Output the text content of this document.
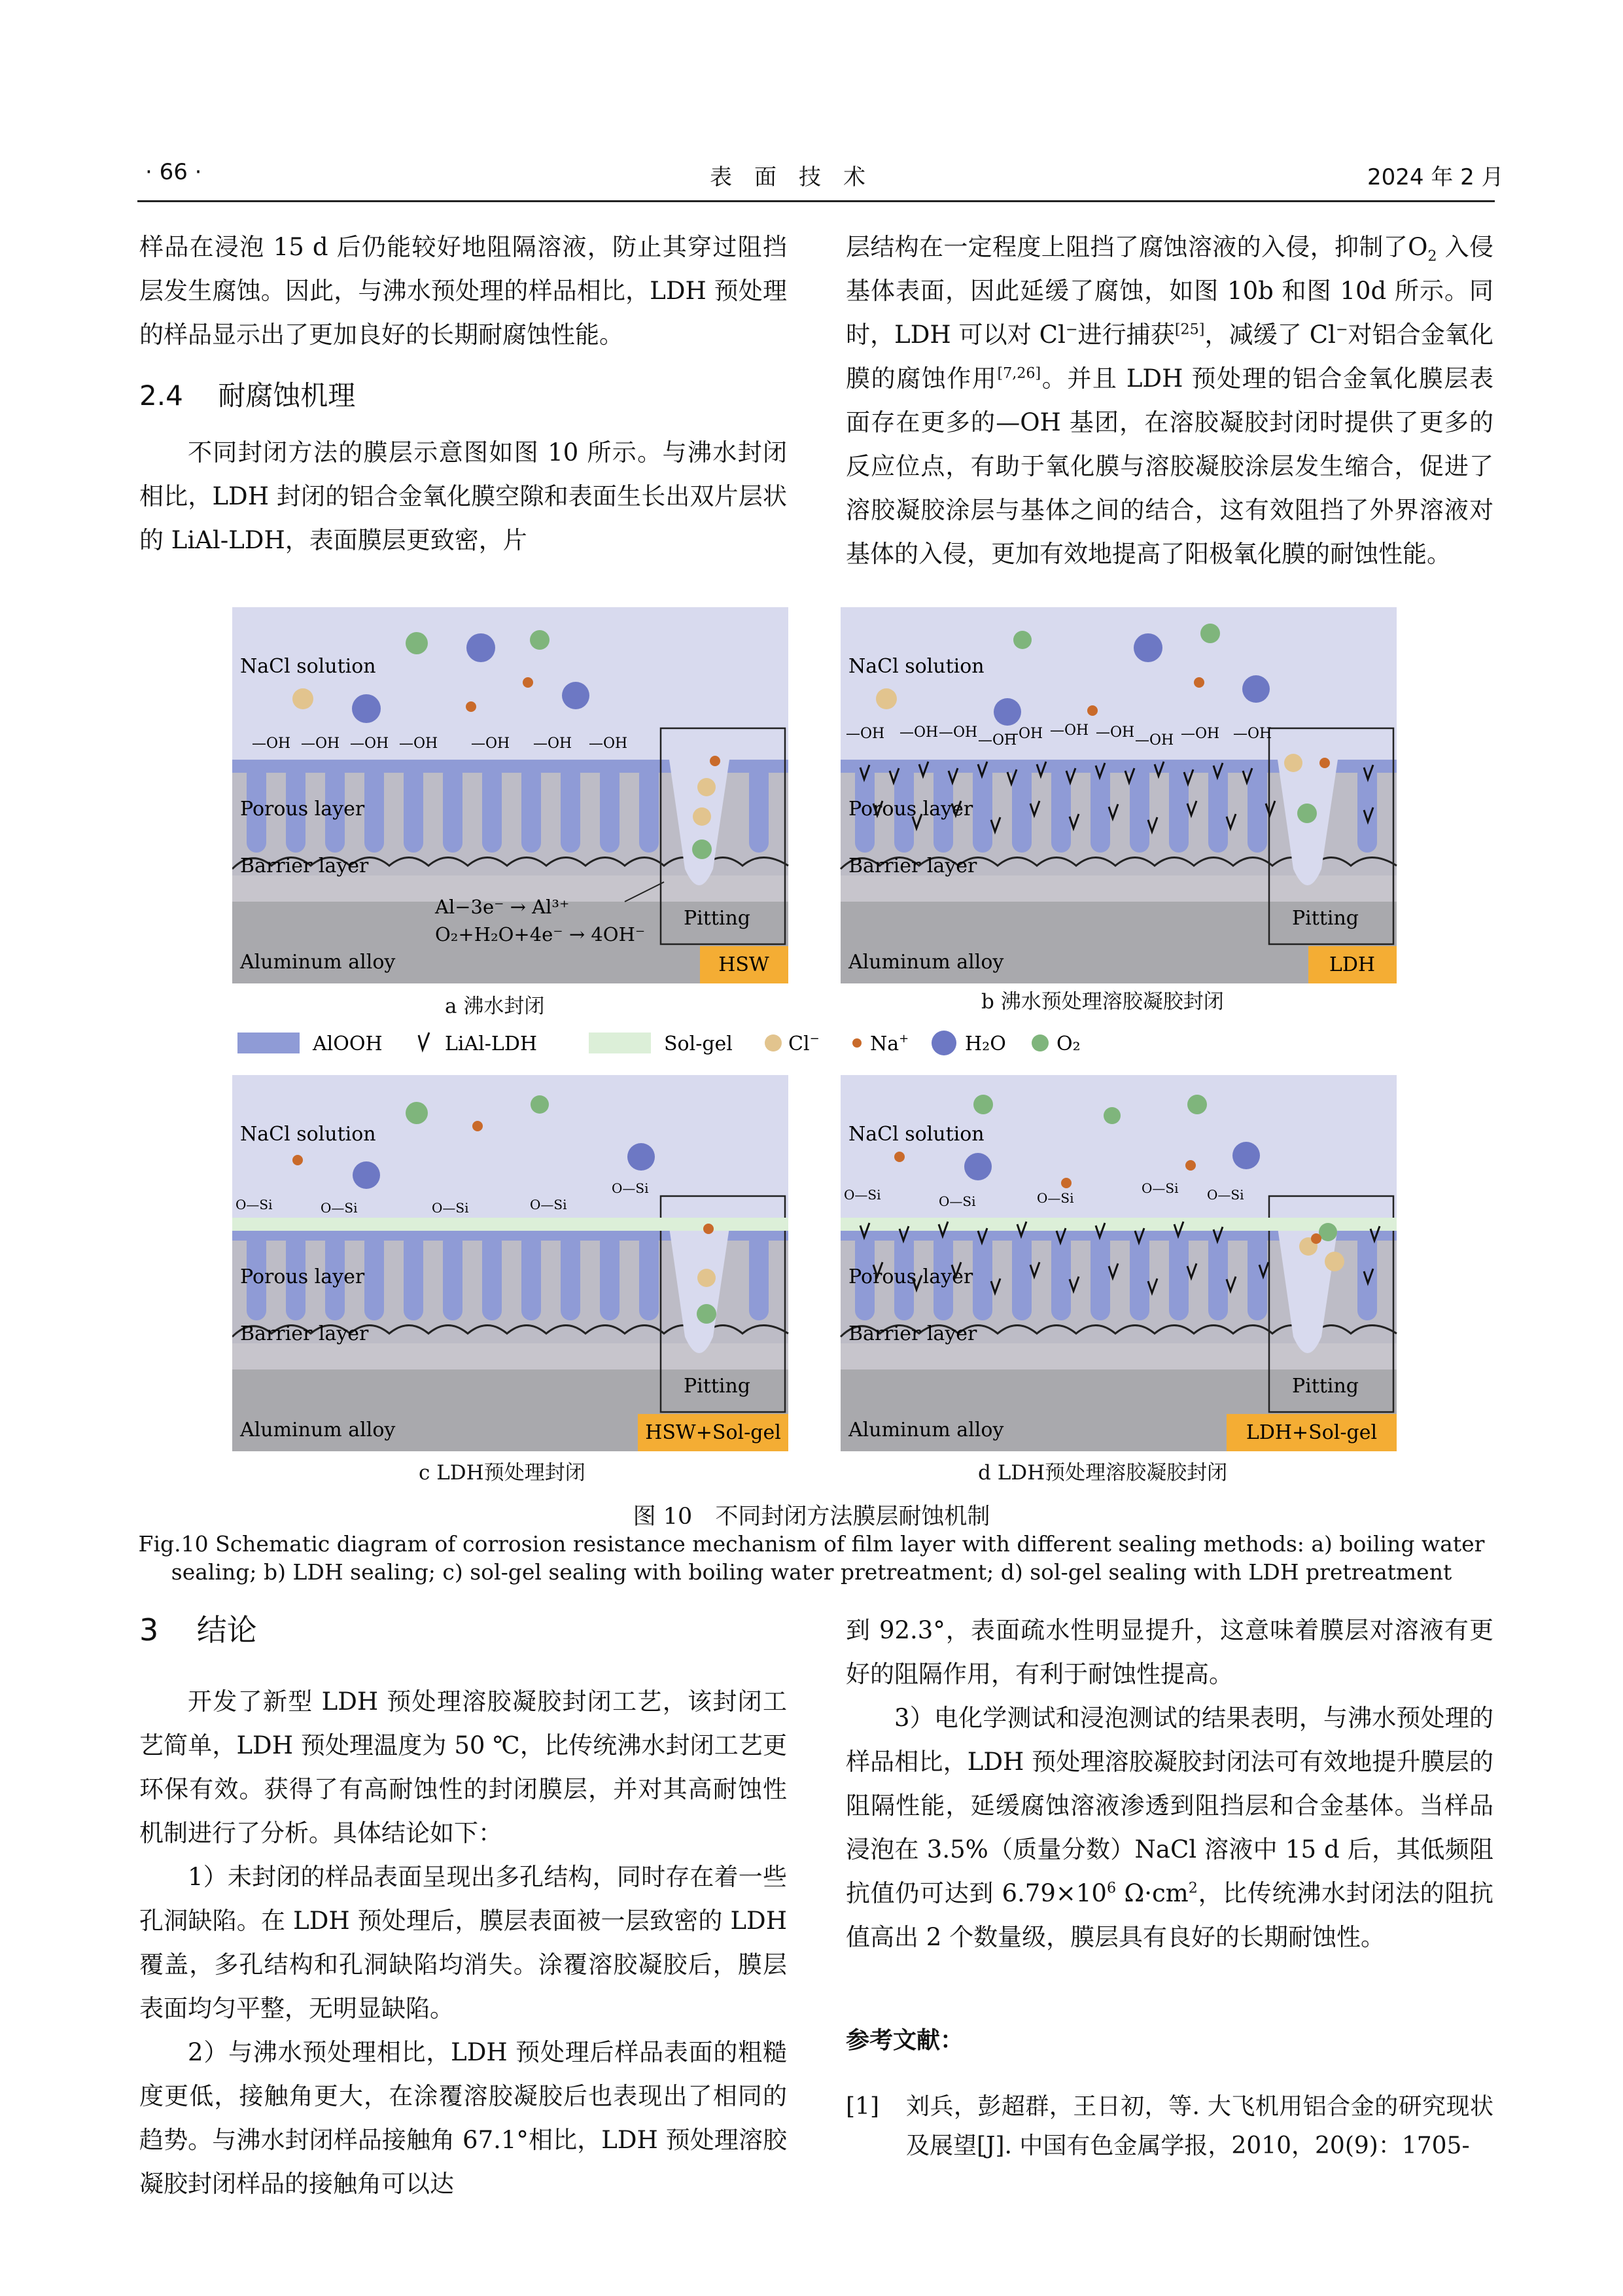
· 66 ·	表　面　技　术	2024 年 2 月

样品在浸泡 15 d 后仍能较好地阻隔溶液，防止其穿过阻挡层发生腐蚀。因此，与沸水预处理的样品相比，LDH 预处理的样品显示出了更加良好的长期耐腐蚀性能。

2.4 耐腐蚀机理

不同封闭方法的膜层示意图如图 10 所示。与沸水封闭相比，LDH 封闭的铝合金氧化膜空隙和表面生长出双片层状的 LiAl-LDH，表面膜层更致密，片

层结构在一定程度上阻挡了腐蚀溶液的入侵，抑制了$O_2$ 入侵基体表面，因此延缓了腐蚀，如图 10b 和图 10d 所示。同时，LDH 可以对 Cl−进行捕获[25]，减缓了 Cl−对铝合金氧化膜的腐蚀作用[7,26]。并且 LDH 预处理的铝合金氧化膜层表面存在更多的—OH 基团，在溶胶凝胶封闭时提供了更多的反应位点，有助于氧化膜与溶胶凝胶涂层发生缩合，促进了溶胶凝胶涂层与基体之间的结合，这有效阻挡了外界溶液对基体的入侵，更加有效地提高了阳极氧化膜的耐蚀性能。

NaCl solution
Porous layer
Barrier layer
Aluminum alloy
Pitting
HSW
Al−3e⁻ → Al³⁺
O₂+H₂O+4e⁻ → 4OH⁻
—OH —OH —OH —OH —OH —OH —OH
NaCl solution
Porous layer
Barrier layer
Aluminum alloy
Pitting
LDH
—OH —OH —OH —OH
—OH —OH —OH —OH —OH —OH
AlOOH	LiAl-LDH	Sol-gel	Cl−	Na+	H₂O	O₂
NaCl solution
Porous layer
Barrier layer
Aluminum alloy
Pitting
HSW+Sol-gel
O—Si	O—Si	O—Si	O—Si
O—Si
NaCl solution
Porous layer
Barrier layer
Aluminum alloy
Pitting
LDH+Sol-gel
O—Si	O—Si	O—Si
O—Si O—Si
a 沸水封闭	b 沸水预处理溶胶凝胶封闭
c LDH预处理封闭	d LDH预处理溶胶凝胶封闭
图 10　不同封闭方法膜层耐蚀机制
Fig.10 Schematic diagram of corrosion resistance mechanism of film layer with different sealing methods: a) boiling water
sealing; b) LDH sealing; c) sol-gel sealing with boiling water pretreatment; d) sol-gel sealing with LDH pretreatment
3 结论

开发了新型 LDH 预处理溶胶凝胶封闭工艺，该封闭工艺简单，LDH 预处理温度为 50 ℃，比传统沸水封闭工艺更环保有效。获得了有高耐蚀性的封闭膜层，并对其高耐蚀性机制进行了分析。具体结论如下：

1）未封闭的样品表面呈现出多孔结构，同时存在着一些孔洞缺陷。在 LDH 预处理后，膜层表面被一层致密的 LDH 覆盖，多孔结构和孔洞缺陷均消失。涂覆溶胶凝胶后，膜层表面均匀平整，无明显缺陷。

2）与沸水预处理相比，LDH 预处理后样品表面的粗糙度更低，接触角更大，在涂覆溶胶凝胶后也表现出了相同的趋势。与沸水封闭样品接触角 67.1°相比，LDH 预处理溶胶凝胶封闭样品的接触角可以达

到 92.3°，表面疏水性明显提升，这意味着膜层对溶液有更好的阻隔作用，有利于耐蚀性提高。

3）电化学测试和浸泡测试的结果表明，与沸水预处理的样品相比，LDH 预处理溶胶凝胶封闭法可有效地提升膜层的阻隔性能，延缓腐蚀溶液渗透到阻挡层和合金基体。当样品浸泡在 3.5%（质量分数）NaCl 溶液中 15 d 后，其低频阻抗值仍可达到 $6.79\times 10^6$ $\Omega\cdot cm^2$，比传统沸水封闭法的阻抗值高出 2 个数量级，膜层具有良好的长期耐蚀性。

参考文献：
[1]	刘兵，彭超群，王日初，等. 大飞机用铝合金的研究现状及展望[J]. 中国有色金属学报，2010，20(9)：1705-
